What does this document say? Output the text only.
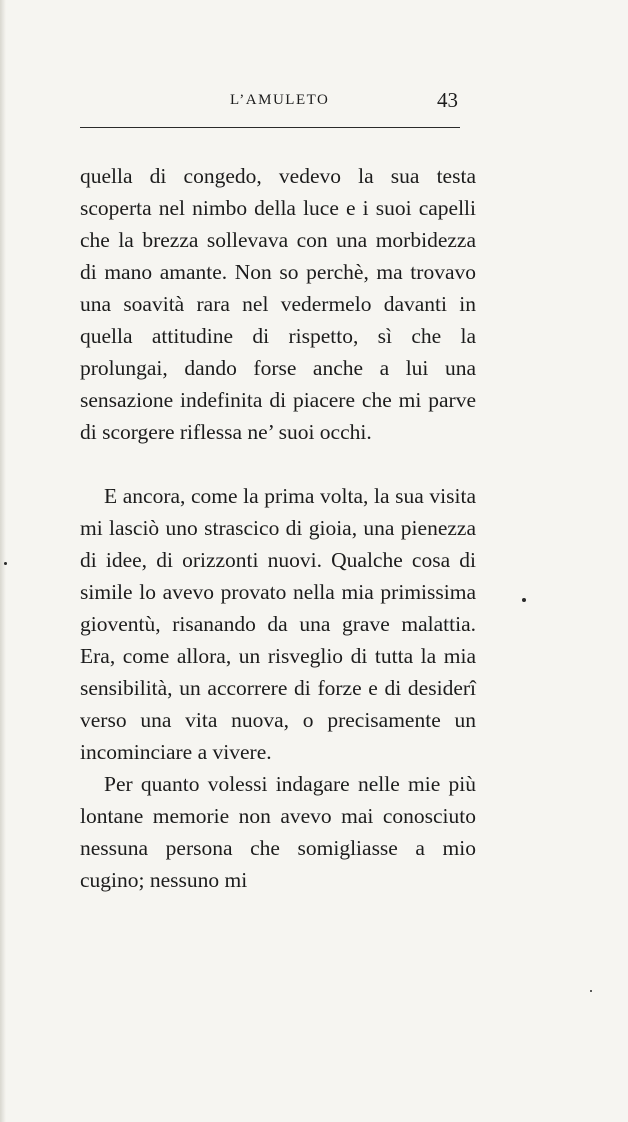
L’AMULETO	43

quella di congedo, vedevo la sua testa scoperta nel nimbo della luce e i suoi capelli che la brezza sollevava con una morbidezza di mano amante. Non so perchè, ma trovavo una soavità rara nel vedermelo davanti in quella attitudine di rispetto, sì che la prolungai, dando forse anche a lui una sensazione indefinita di piacere che mi parve di scorgere riflessa ne’ suoi occhi.

E ancora, come la prima volta, la sua visita mi lasciò uno strascico di gioia, una pienezza di idee, di orizzonti nuovi. Qualche cosa di simile lo avevo provato nella mia primissima gioventù, risanando da una grave malattia. Era, come allora, un risveglio di tutta la mia sensibilità, un accorrere di forze e di desiderî verso una vita nuova, o precisamente un incominciare a vivere.

Per quanto volessi indagare nelle mie più lontane memorie non avevo mai conosciuto nessuna persona che somigliasse a mio cugino; nessuno mi
